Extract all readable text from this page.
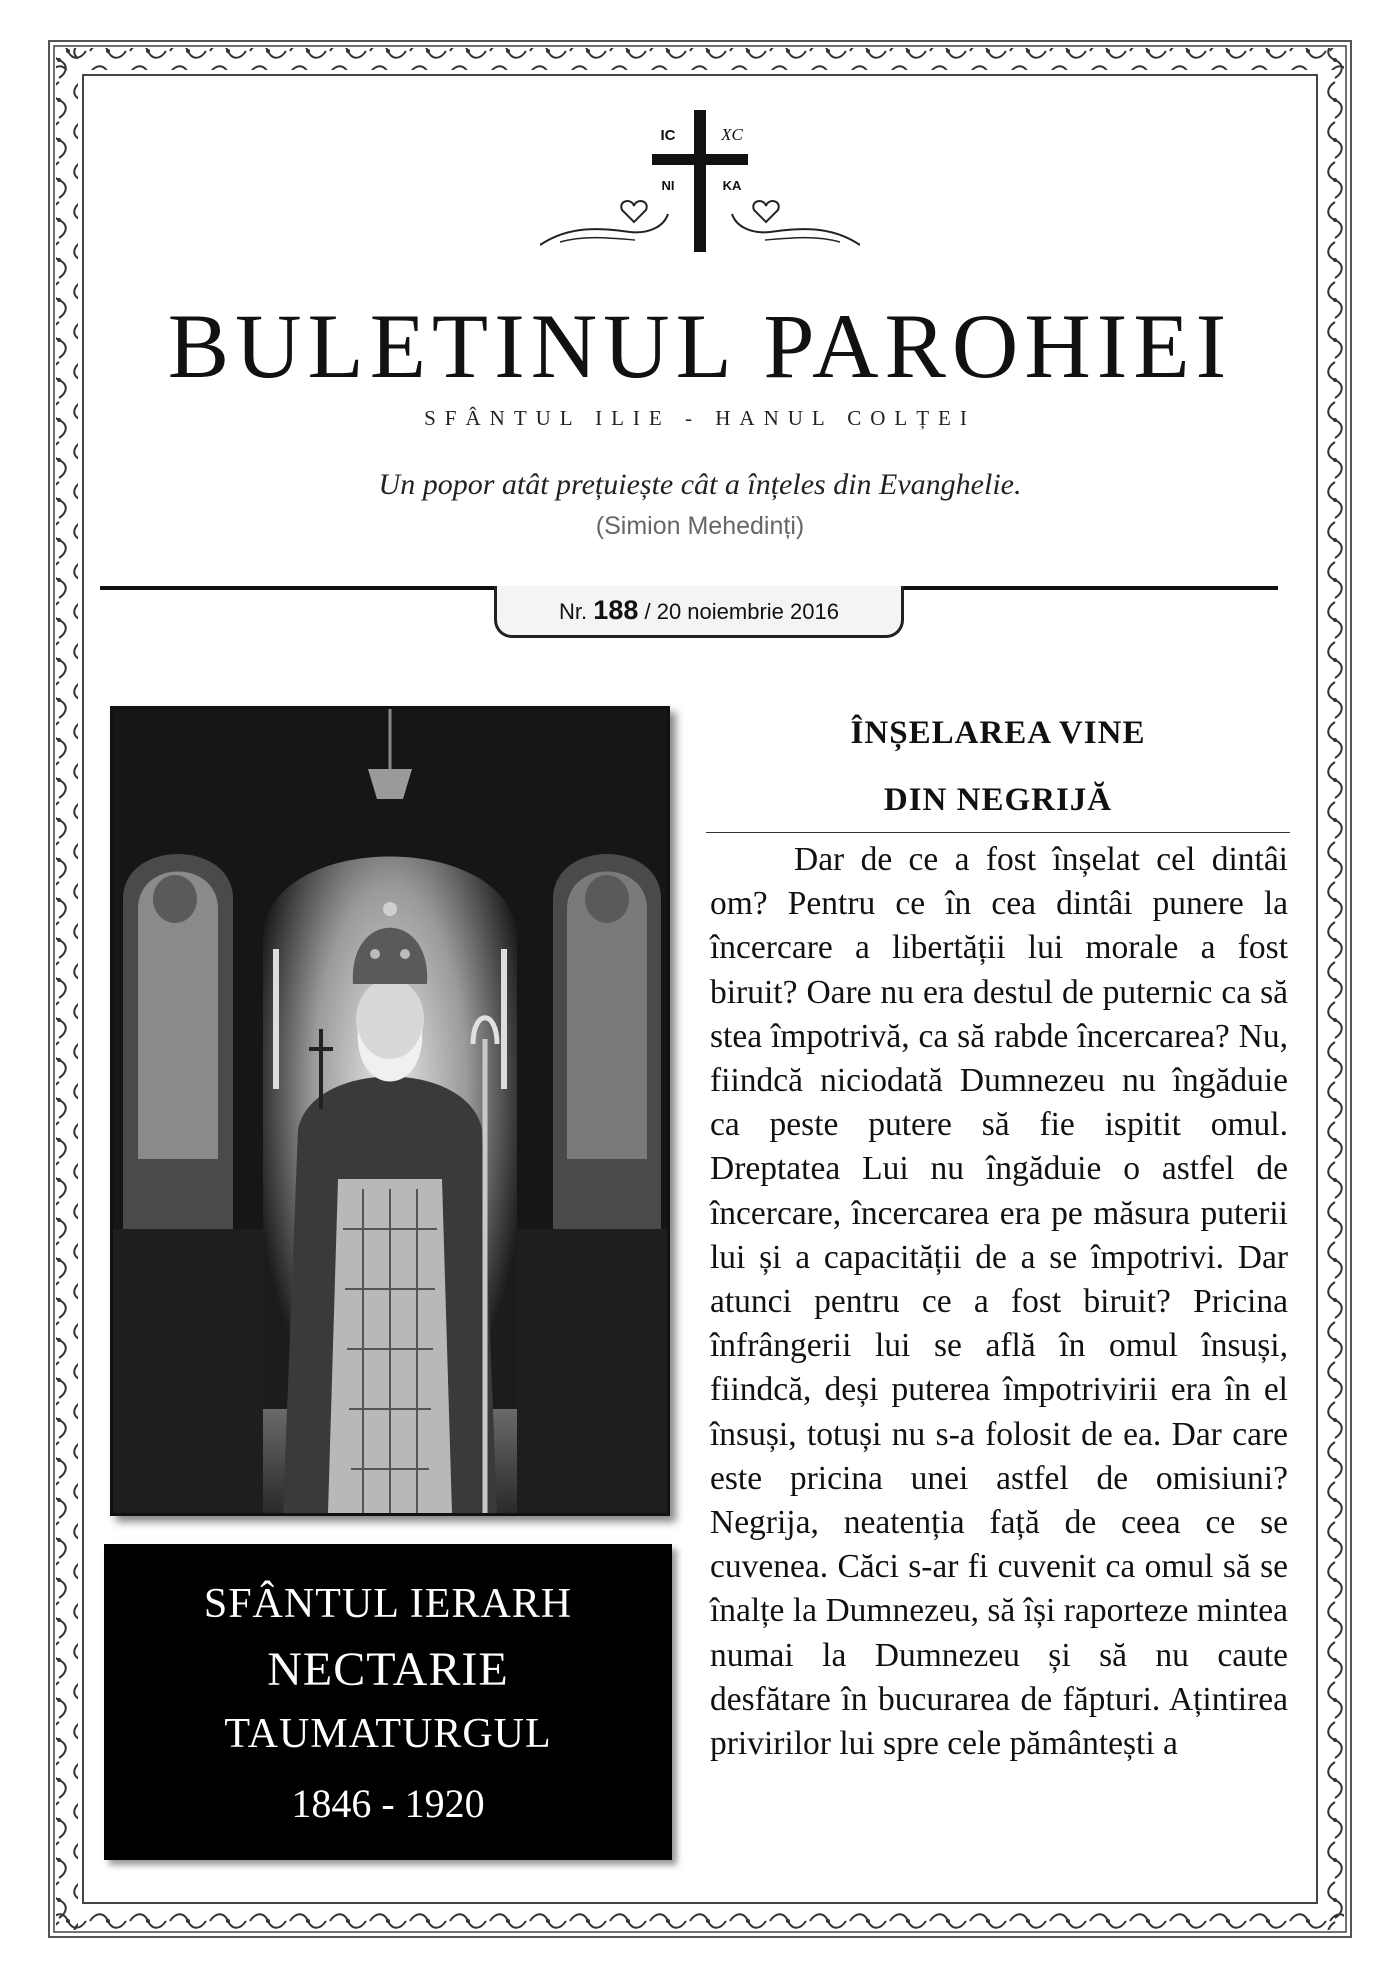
IC	XC
NI	KA
BULETINUL PAROHIEI
SFÂNTUL ILIE - HANUL COLȚEI
Un popor atât prețuiește cât a înțeles din Evanghelie.
(Simion Mehedinți)
Nr. 188 / 20 noiembrie 2016
SFÂNTUL IERARH
NECTARIE
TAUMATURGUL
1846 - 1920
ÎNȘELAREA VINE
DIN NEGRIJĂ

Dar de ce a fost înșelat cel dintâi om? Pentru ce în cea dintâi punere la încercare a libertății lui morale a fost biruit? Oare nu era destul de puternic ca să stea împotrivă, ca să rabde încercarea? Nu, fiindcă niciodată Dumnezeu nu îngăduie ca peste putere să fie ispitit omul. Dreptatea Lui nu îngăduie o astfel de încercare, încercarea era pe măsura puterii lui și a capacității de a se împotrivi. Dar atunci pentru ce a fost biruit? Pricina înfrângerii lui se află în omul însuși, fiindcă, deși puterea împotrivirii era în el însuși, totuși nu s-a folosit de ea. Dar care este pricina unei astfel de omisiuni? Negrija, neatenția față de ceea ce se cuvenea. Căci s-ar fi cuvenit ca omul să se înalțe la Dumnezeu, să își raporteze mintea numai la Dumnezeu și să nu caute desfătare în bucurarea de făpturi. Ațintirea privirilor lui spre cele pământești a
